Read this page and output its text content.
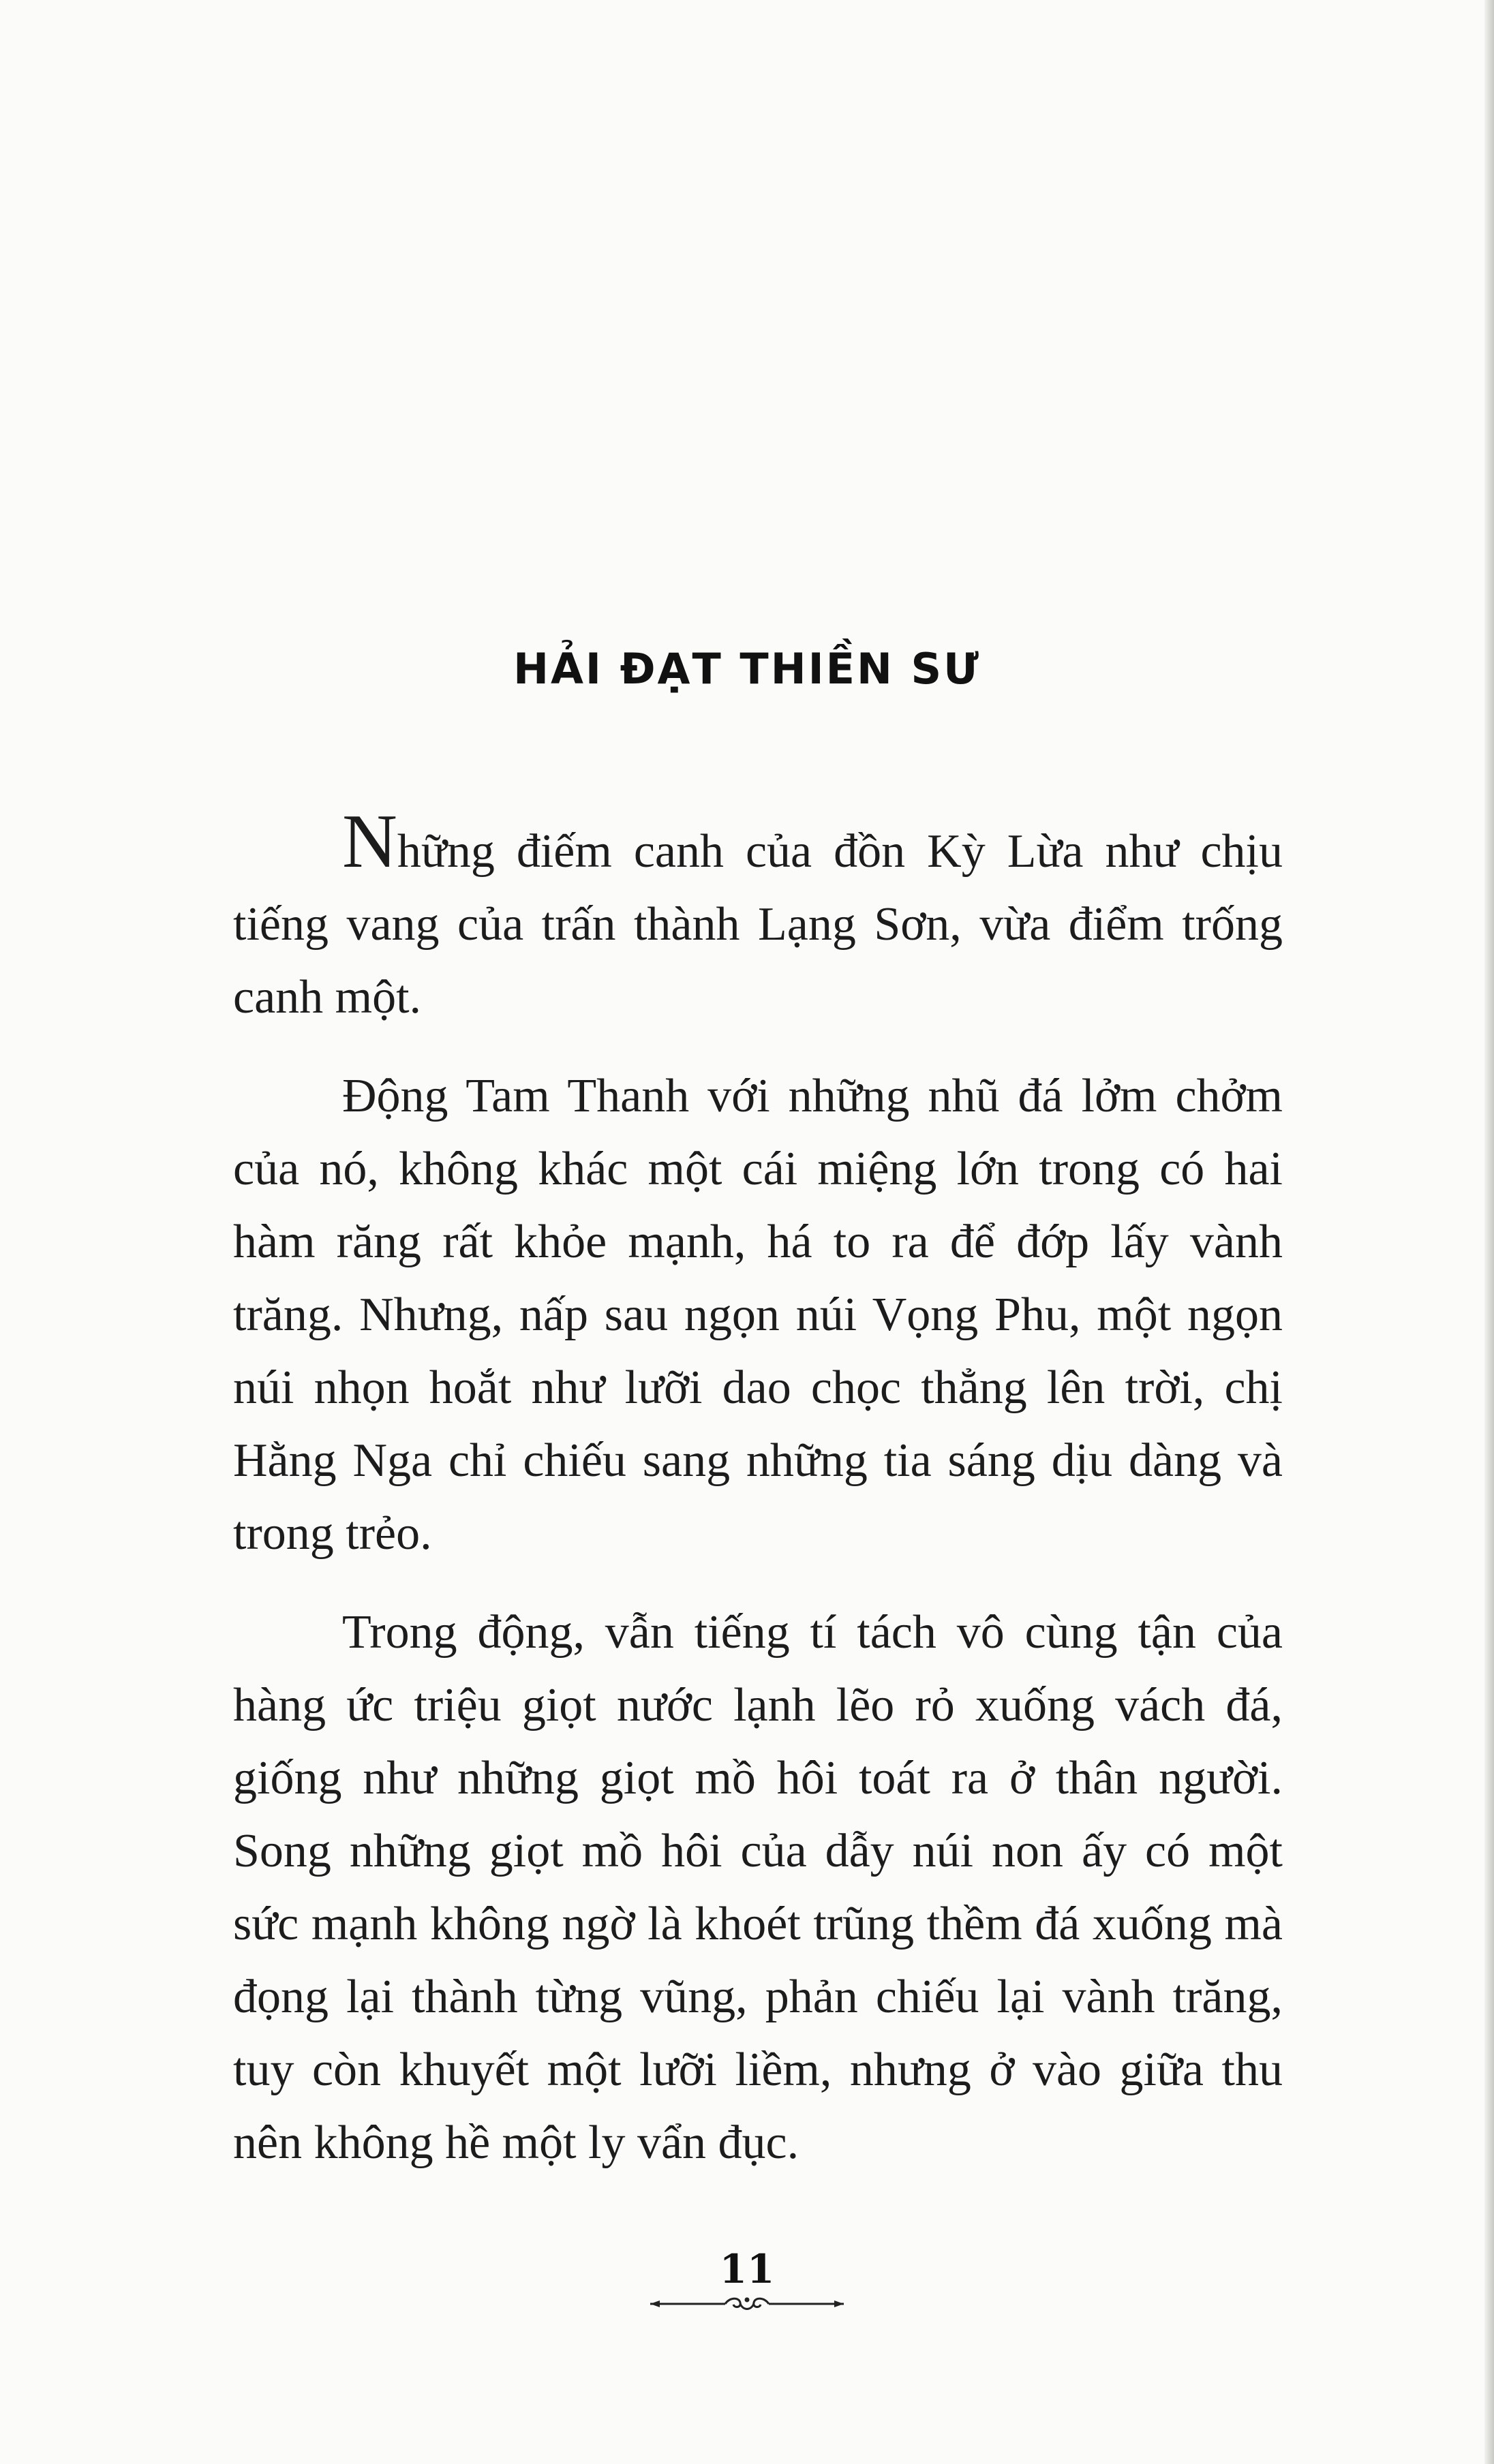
HẢI ĐẠT THIỀN SƯ

Những điếm canh của đồn Kỳ Lừa như chịu tiếng vang của trấn thành Lạng Sơn, vừa điểm trống canh một.

Động Tam Thanh với những nhũ đá lởm chởm của nó, không khác một cái miệng lớn trong có hai hàm răng rất khỏe mạnh, há to ra để đớp lấy vành trăng. Nhưng, nấp sau ngọn núi Vọng Phu, một ngọn núi nhọn hoắt như lưỡi dao chọc thẳng lên trời, chị Hằng Nga chỉ chiếu sang những tia sáng dịu dàng và trong trẻo.

Trong động, vẫn tiếng tí tách vô cùng tận của hàng ức triệu giọt nước lạnh lẽo rỏ xuống vách đá, giống như những giọt mồ hôi toát ra ở thân người. Song những giọt mồ hôi của dẫy núi non ấy có một sức mạnh không ngờ là khoét trũng thềm đá xuống mà đọng lại thành từng vũng, phản chiếu lại vành trăng, tuy còn khuyết một lưỡi liềm, nhưng ở vào giữa thu nên không hề một ly vẩn đục.

11
